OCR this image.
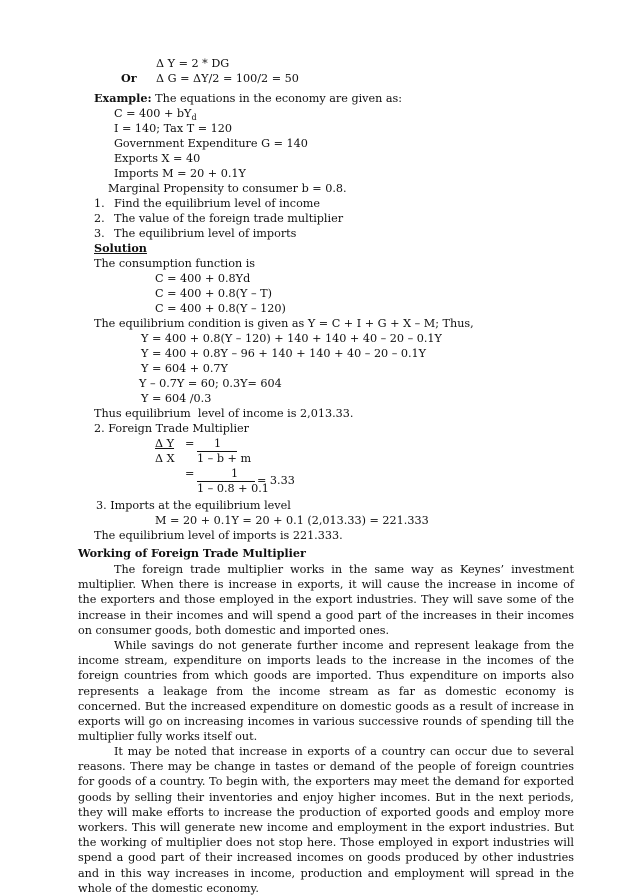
Δ Y = 2 * DG
Or Δ G = ΔY/2 = 100/2 = 50
Example: The equations in the economy are given as:
$C = 400 + bY_d$
I = 140; Tax T = 120
Government Expenditure G = 140
Exports X = 40
Imports M = 20 + 0.1Y
Marginal Propensity to consumer b = 0.8.
1. Find the equilibrium level of income
2. The value of the foreign trade multiplier
3. The equilibrium level of imports
Solution
The consumption function is
C = 400 + 0.8Yd
C = 400 + 0.8(Y – T)
C = 400 + 0.8(Y – 120)
The equilibrium condition is given as Y = C + I + G + X – M; Thus,
Y = 400 + 0.8(Y – 120) + 140 + 140 + 40 – 20 – 0.1Y
Y = 400 + 0.8Y – 96 + 140 + 140 + 40 – 20 – 0.1Y
Y = 604 + 0.7Y
Y – 0.7Y = 60; 0.3Y= 604
Y = 604 /0.3
Thus equilibrium  level of income is 2,013.33.
2. Foreign Trade Multiplier
Δ Y
Δ X
= 1
1 – b + m
=	1
1 – 0.8 + 0.1
= 3.33
3. Imports at the equilibrium level
M = 20 + 0.1Y = 20 + 0.1 (2,013.33) = 221.333
The equilibrium level of imports is 221.333.
Working of Foreign Trade Multiplier

The foreign trade multiplier works in the same way as Keynes’ investment multiplier. When there is increase in exports, it will cause the increase in income of the exporters and those employed in the export industries. They will save some of the increase in their incomes and will spend a good part of the increases in their incomes on consumer goods, both domestic and imported ones.

While savings do not generate further income and represent leakage from the income stream, expenditure on imports leads to the increase in the incomes of the foreign countries from which goods are imported. Thus expenditure on imports also represents a leakage from the income stream as far as domestic economy is concerned. But the increased expenditure on domestic goods as a result of increase in exports will go on increasing incomes in various successive rounds of spending till the multiplier fully works itself out.

It may be noted that increase in exports of a country can occur due to several reasons. There may be change in tastes or demand of the people of foreign countries for goods of a country. To begin with, the exporters may meet the demand for exported goods by selling their inventories and enjoy higher incomes. But in the next periods, they will make efforts to increase the production of exported goods and employ more workers. This will generate new income and employment in the export industries. But the working of multiplier does not stop here. Those employed in export industries will spend a good part of their increased incomes on goods produced by other industries and in this way increases in income, production and employment will spread in the whole of the domestic economy.
